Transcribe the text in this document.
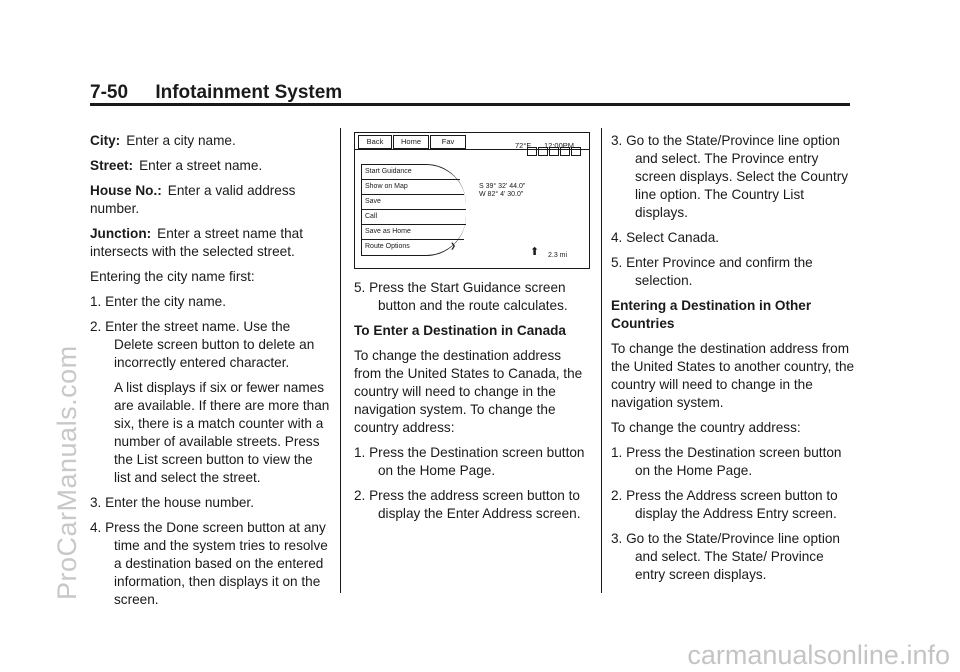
ProCarManuals.com
carmanualsonline.info
7-50 Infotainment System

City: Enter a city name.

Street: Enter a street name.

House No.: Enter a valid address number.

Junction: Enter a street name that intersects with the selected street.

Entering the city name first:

1. Enter the city name.
2. Enter the street name. Use the Delete screen button to delete an incorrectly entered character.
A list displays if six or fewer names are available. If there are more than six, there is a match counter with a number of available streets. Press the List screen button to view the list and select the street.
3. Enter the house number.
4. Press the Done screen button at any time and the system tries to resolve a destination based on the entered information, then displays it on the screen.
Back	Home	Fav	72°F 12:00PM
Start Guidance
Show on Map
Save
Call
Save as Home
Route Options	❯
S 39° 32' 44.0"
W 82° 4' 30.0"
⬆ 2.3 mi
5. Press the Start Guidance screen button and the route calculates.
To Enter a Destination in Canada

To change the destination address from the United States to Canada, the country will need to change in the navigation system. To change the country address:

1. Press the Destination screen button on the Home Page.
2. Press the address screen button to display the Enter Address screen.
3. Go to the State/Province line option and select. The Province entry screen displays. Select the Country line option. The Country List displays.
4. Select Canada.
5. Enter Province and confirm the selection.
Entering a Destination in Other Countries

To change the destination address from the United States to another country, the country will need to change in the navigation system.

To change the country address:

1. Press the Destination screen button on the Home Page.
2. Press the Address screen button to display the Address Entry screen.
3. Go to the State/Province line option and select. The State/ Province entry screen displays.
